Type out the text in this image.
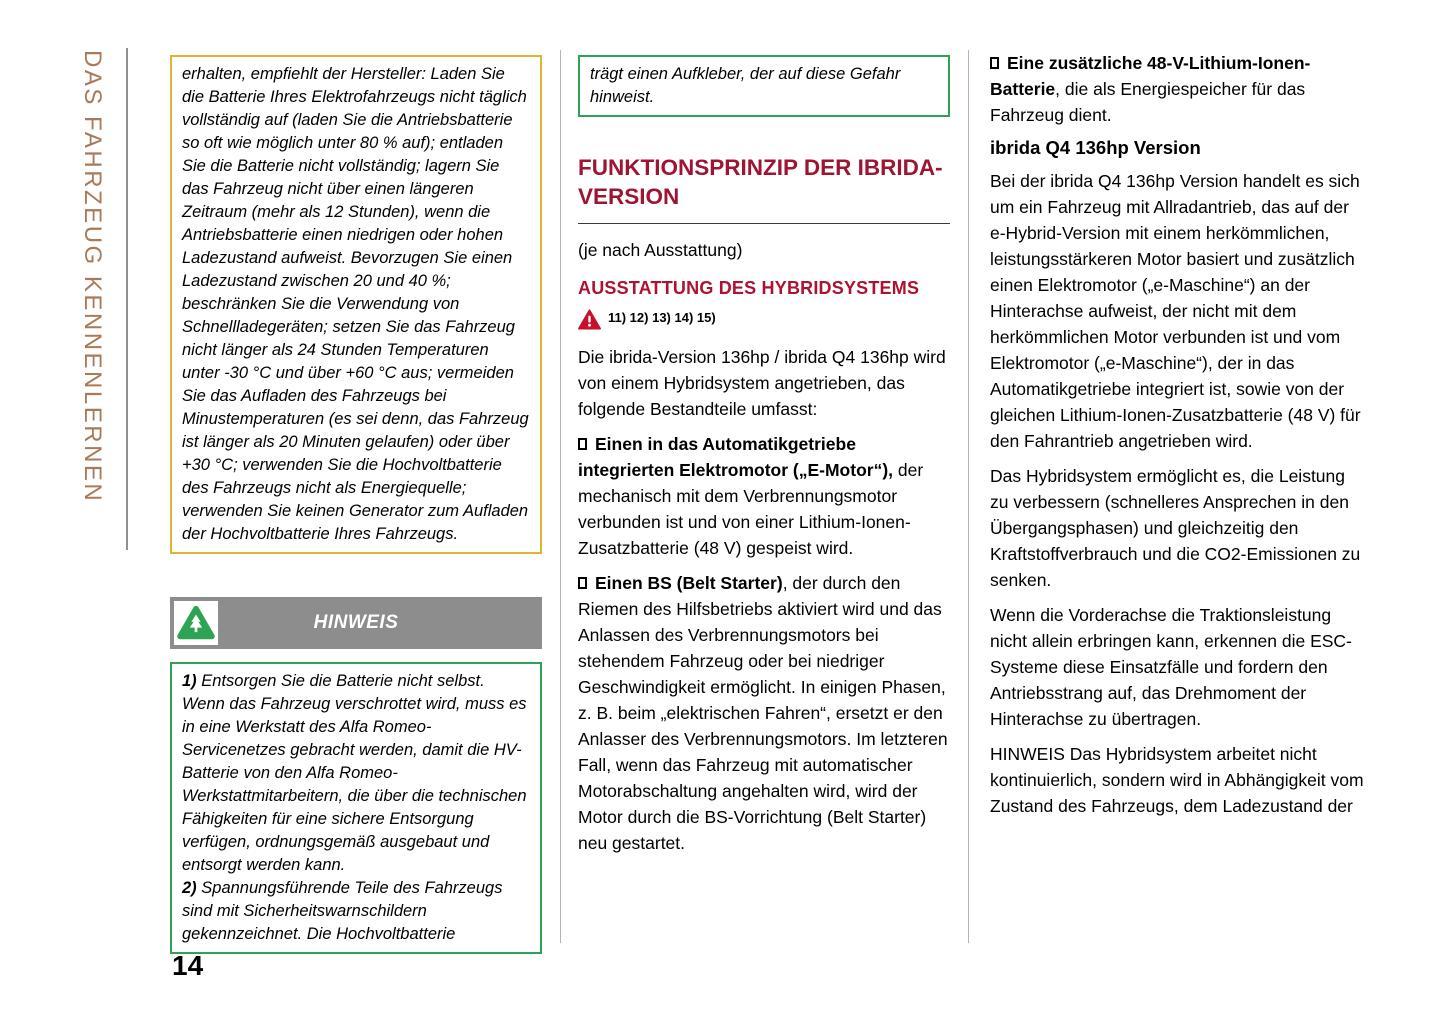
DAS FAHRZEUG KENNENLERNEN	erhalten, empfiehlt der Hersteller: Laden Sie die Batterie Ihres Elektrofahrzeugs nicht täglich vollständig auf (laden Sie die Antriebsbatterie so oft wie möglich unter 80 % auf); entladen Sie die Batterie nicht vollständig; lagern Sie das Fahrzeug nicht über einen längeren Zeitraum (mehr als 12 Stunden), wenn die Antriebsbatterie einen niedrigen oder hohen Ladezustand aufweist. Bevorzugen Sie einen Ladezustand zwischen 20 und 40 %; beschränken Sie die Verwendung von Schnellladegeräten; setzen Sie das Fahrzeug nicht länger als 24 Stunden Temperaturen unter -30 °C und über +60 °C aus; vermeiden Sie das Aufladen des Fahrzeugs bei Minustemperaturen (es sei denn, das Fahrzeug ist länger als 20 Minuten gelaufen) oder über +30 °C; verwenden Sie die Hochvoltbatterie des Fahrzeugs nicht als Energiequelle; verwenden Sie keinen Generator zum Aufladen der Hochvoltbatterie Ihres Fahrzeugs.
HINWEIS

1) Entsorgen Sie die Batterie nicht selbst. Wenn das Fahrzeug verschrottet wird, muss es in eine Werkstatt des Alfa Romeo-Servicenetzes gebracht werden, damit die HV-Batterie von den Alfa Romeo-Werkstattmitarbeitern, die über die technischen Fähigkeiten für eine sichere Entsorgung verfügen, ordnungsgemäß ausgebaut und entsorgt werden kann.

2) Spannungsführende Teile des Fahrzeugs sind mit Sicherheitswarnschildern gekennzeichnet. Die Hochvoltbatterie

14
trägt einen Aufkleber, der auf diese Gefahr hinweist.
FUNKTIONSPRINZIP DER IBRIDA-VERSION

(je nach Ausstattung)

AUSSTATTUNG DES HYBRIDSYSTEMS
11) 12) 13) 14) 15)

Die ibrida-Version 136hp / ibrida Q4 136hp wird von einem Hybridsystem angetrieben, das folgende Bestandteile umfasst:

Einen in das Automatikgetriebe integrierten Elektromotor („E-Motor“), der mechanisch mit dem Verbrennungsmotor verbunden ist und von einer Lithium-Ionen-Zusatzbatterie (48 V) gespeist wird.

Einen BS (Belt Starter), der durch den Riemen des Hilfsbetriebs aktiviert wird und das Anlassen des Verbrennungsmotors bei stehendem Fahrzeug oder bei niedriger Geschwindigkeit ermöglicht. In einigen Phasen, z. B. beim „elektrischen Fahren“, ersetzt er den Anlasser des Verbrennungsmotors. Im letzteren Fall, wenn das Fahrzeug mit automatischer Motorabschaltung angehalten wird, wird der Motor durch die BS-Vorrichtung (Belt Starter) neu gestartet.

Eine zusätzliche 48-V-Lithium-Ionen-Batterie, die als Energiespeicher für das Fahrzeug dient.

ibrida Q4 136hp Version

Bei der ibrida Q4 136hp Version handelt es sich um ein Fahrzeug mit Allradantrieb, das auf der e-Hybrid-Version mit einem herkömmlichen, leistungsstärkeren Motor basiert und zusätzlich einen Elektromotor („e-Maschine“) an der Hinterachse aufweist, der nicht mit dem herkömmlichen Motor verbunden ist und vom Elektromotor („e-Maschine“), der in das Automatikgetriebe integriert ist, sowie von der gleichen Lithium-Ionen-Zusatzbatterie (48 V) für den Fahrantrieb angetrieben wird.

Das Hybridsystem ermöglicht es, die Leistung zu verbessern (schnelleres Ansprechen in den Übergangsphasen) und gleichzeitig den Kraftstoffverbrauch und die CO2-Emissionen zu senken.

Wenn die Vorderachse die Traktionsleistung nicht allein erbringen kann, erkennen die ESC-Systeme diese Einsatzfälle und fordern den Antriebsstrang auf, das Drehmoment der Hinterachse zu übertragen.

HINWEIS Das Hybridsystem arbeitet nicht kontinuierlich, sondern wird in Abhängigkeit vom Zustand des Fahrzeugs, dem Ladezustand der
